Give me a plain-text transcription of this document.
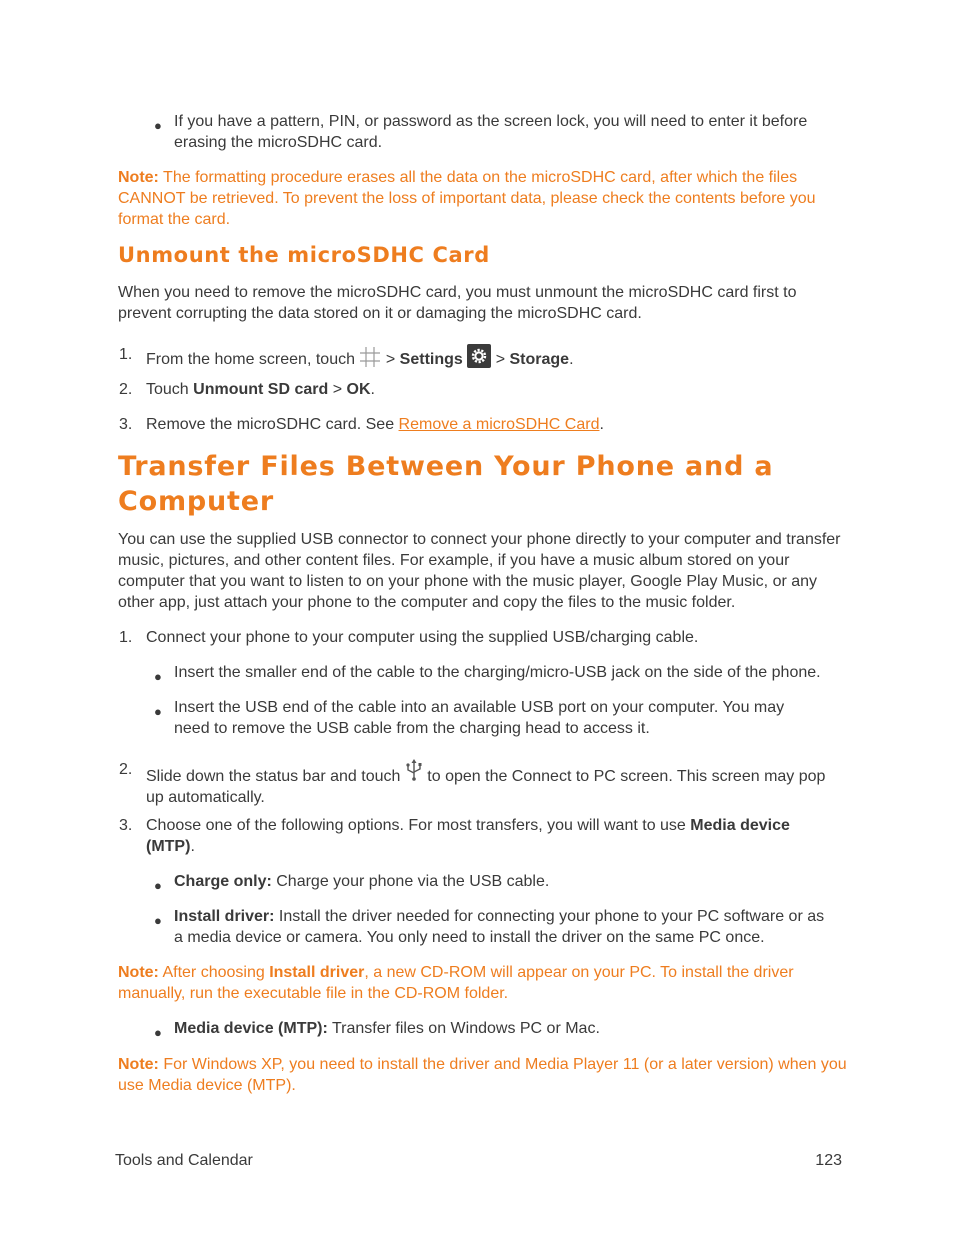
● If you have a pattern, PIN, or password as the screen lock, you will need to enter it before erasing the microSDHC card.

Note: The formatting procedure erases all the data on the microSDHC card, after which the files CANNOT be retrieved. To prevent the loss of important data, please check the contents before you format the card.

Unmount the microSDHC Card

When you need to remove the microSDHC card, you must unmount the microSDHC card first to prevent corrupting the data stored on it or damaging the microSDHC card.

1. From the home screen, touch  > Settings  > Storage.

2. Touch Unmount SD card > OK.

3. Remove the microSDHC card. See Remove a microSDHC Card.

Transfer Files Between Your Phone and a
Computer

You can use the supplied USB connector to connect your phone directly to your computer and transfer music, pictures, and other content files. For example, if you have a music album stored on your computer that you want to listen to on your phone with the music player, Google Play Music, or any other app, just attach your phone to the computer and copy the files to the music folder.

1. Connect your phone to your computer using the supplied USB/charging cable.

● Insert the smaller end of the cable to the charging/micro-USB jack on the side of the phone.

● Insert the USB end of the cable into an available USB port on your computer. You may need to remove the USB cable from the charging head to access it.

2. Slide down the status bar and touch  to open the Connect to PC screen. This screen may pop up automatically.

3. Choose one of the following options. For most transfers, you will want to use Media device (MTP).

● Charge only: Charge your phone via the USB cable.

● Install driver: Install the driver needed for connecting your phone to your PC software or as a media device or camera. You only need to install the driver on the same PC once.

Note: After choosing Install driver, a new CD-ROM will appear on your PC. To install the driver manually, run the executable file in the CD-ROM folder.

● Media device (MTP): Transfer files on Windows PC or Mac.

Note: For Windows XP, you need to install the driver and Media Player 11 (or a later version) when you use Media device (MTP).

Tools and Calendar	123
